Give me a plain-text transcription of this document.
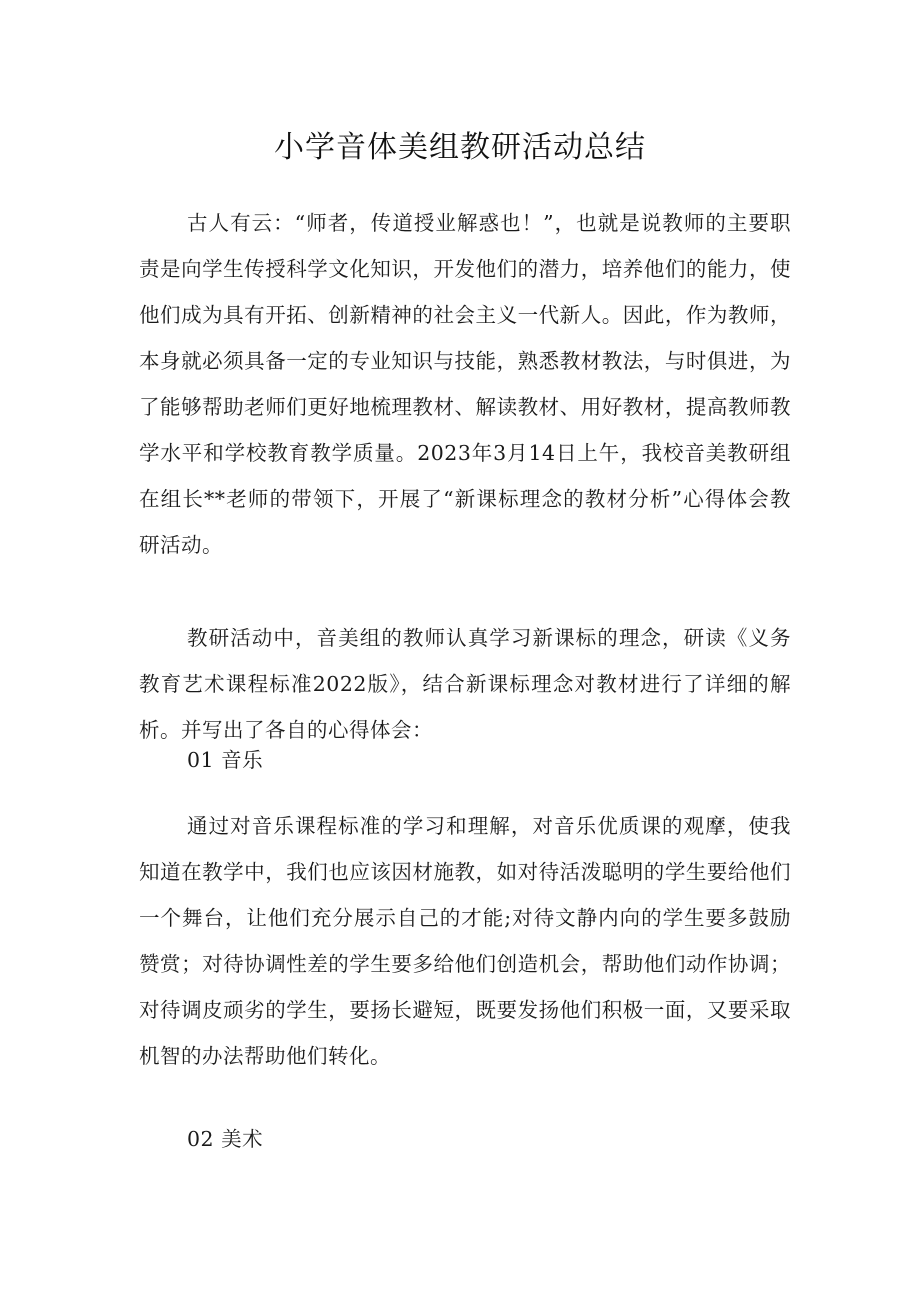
小学音体美组教研活动总结

古人有云：“师者，传道授业解惑也！”，也就是说教师的主要职责是向学生传授科学文化知识，开发他们的潜力，培养他们的能力，使他们成为具有开拓、创新精神的社会主义一代新人。因此，作为教师，本身就必须具备一定的专业知识与技能，熟悉教材教法，与时俱进，为了能够帮助老师们更好地梳理教材、解读教材、用好教材，提高教师教学水平和学校教育教学质量。2023年3月14日上午，我校音美教研组在组长**老师的带领下，开展了“新课标理念的教材分析”心得体会教研活动。

教研活动中，音美组的教师认真学习新课标的理念，研读《义务教育艺术课程标准2022版》，结合新课标理念对教材进行了详细的解析。并写出了各自的心得体会：

01 音乐

通过对音乐课程标准的学习和理解，对音乐优质课的观摩，使我知道在教学中，我们也应该因材施教，如对待活泼聪明的学生要给他们一个舞台，让他们充分展示自己的才能;对待文静内向的学生要多鼓励赞赏；对待协调性差的学生要多给他们创造机会，帮助他们动作协调；对待调皮顽劣的学生，要扬长避短，既要发扬他们积极一面，又要采取机智的办法帮助他们转化。

02 美术
